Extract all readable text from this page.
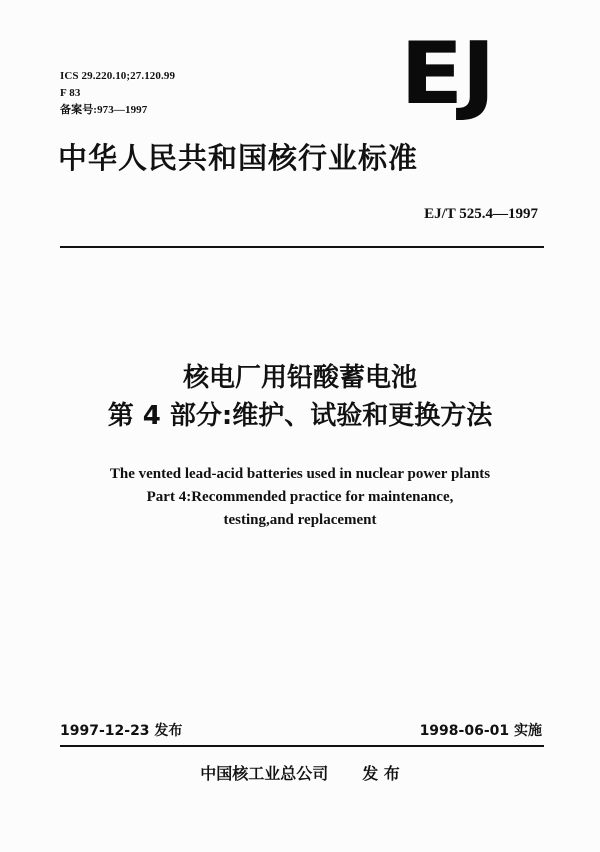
ICS 29.220.10;27.120.99
F 83
备案号:973—1997	EJ
中华人民共和国核行业标准
EJ/T 525.4—1997
核电厂用铅酸蓄电池
第 4 部分:维护、试验和更换方法
The vented lead-acid batteries used in nuclear power plants
Part 4:Recommended practice for maintenance,
testing,and replacement
1997-12-23 发布	1998-06-01 实施
中国核工业总公司 发 布
